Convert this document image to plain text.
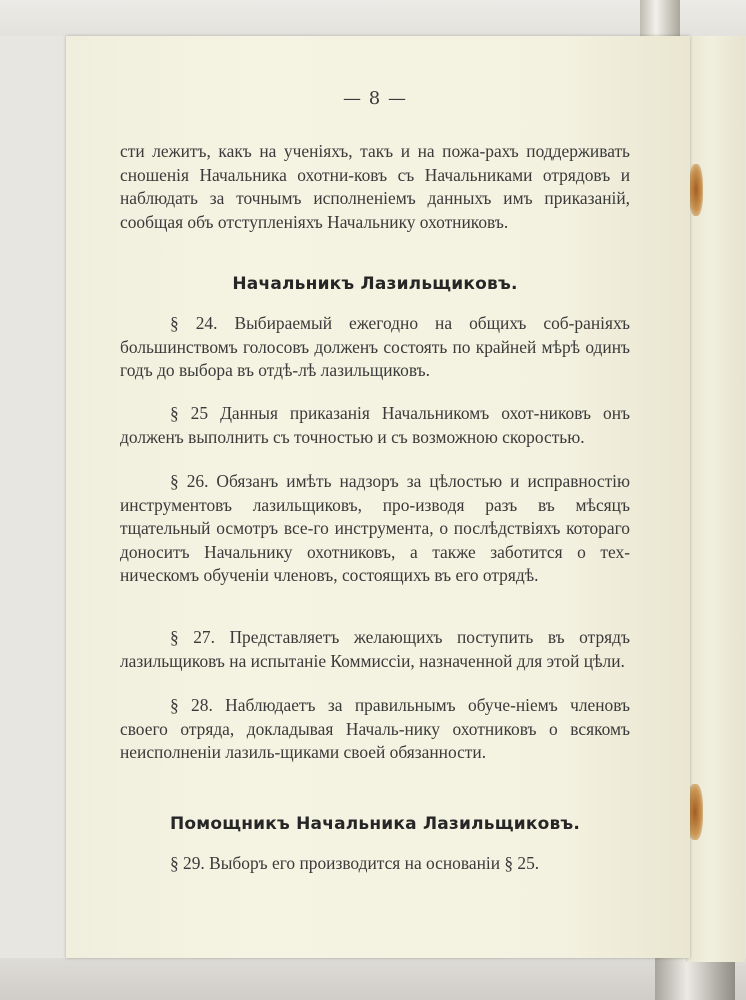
— 8 —

сти лежитъ, какъ на ученіяхъ, такъ и на пожа-рахъ поддерживать сношенія Начальника охотни-ковъ съ Начальниками отрядовъ и наблюдать за точнымъ исполненіемъ данныхъ имъ приказаній, сообщая объ отступленіяхъ Начальнику охотниковъ.

Начальникъ Лазильщиковъ.

§ 24. Выбираемый ежегодно на общихъ соб-раніяхъ большинствомъ голосовъ долженъ состоять по крайней мѣрѣ одинъ годъ до выбора въ отдѣ-лѣ лазильщиковъ.

§ 25 Данныя приказанія Начальникомъ охот-никовъ онъ долженъ выполнить съ точностью и съ возможною скоростью.

§ 26. Обязанъ имѣть надзоръ за цѣлостью и исправностію инструментовъ лазильщиковъ, про-изводя разъ въ мѣсяцъ тщательный осмотръ все-го инструмента, о послѣдствіяхъ котораго доноситъ Начальнику охотниковъ, а также заботится о тех-ническомъ обученіи членовъ, состоящихъ въ его отрядѣ.

§ 27. Представляетъ желающихъ поступить въ отрядъ лазильщиковъ на испытаніе Коммиссіи, назначенной для этой цѣли.

§ 28. Наблюдаетъ за правильнымъ обуче-ніемъ членовъ своего отряда, докладывая Началь-нику охотниковъ о всякомъ неисполненіи лазиль-щиками своей обязанности.

Помощникъ Начальника Лазильщиковъ.

§ 29. Выборъ его производится на основаніи § 25.
